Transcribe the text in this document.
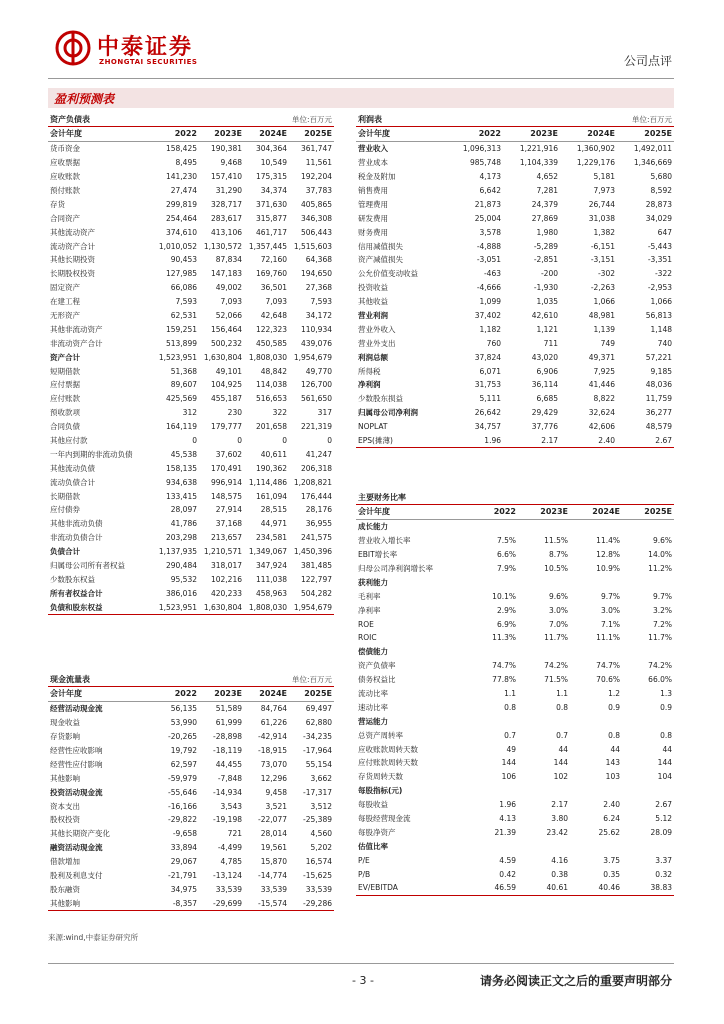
中泰证券
ZHONGTAI SECURITIES	公司点评
盈利预测表
资产负债表	单位:百万元
会计年度	2022	2023E	2024E	2025E
货币资金	158,425	190,381	304,364	361,747
应收票据	8,495	9,468	10,549	11,561
应收账款	141,230	157,410	175,315	192,204
预付账款	27,474	31,290	34,374	37,783
存货	299,819	328,717	371,630	405,865
合同资产	254,464	283,617	315,877	346,308
其他流动资产	374,610	413,106	461,717	506,443
流动资产合计	1,010,052	1,130,572	1,357,445	1,515,603
其他长期投资	90,453	87,834	72,160	64,368
长期股权投资	127,985	147,183	169,760	194,650
固定资产	66,086	49,002	36,501	27,368
在建工程	7,593	7,093	7,093	7,593
无形资产	62,531	52,066	42,648	34,172
其他非流动资产	159,251	156,464	122,323	110,934
非流动资产合计	513,899	500,232	450,585	439,076
资产合计	1,523,951	1,630,804	1,808,030	1,954,679
短期借款	51,368	49,101	48,842	49,770
应付票据	89,607	104,925	114,038	126,700
应付账款	425,569	455,187	516,653	561,650
预收款项	312	230	322	317
合同负债	164,119	179,777	201,658	221,319
其他应付款	0	0	0	0
一年内到期的非流动负债	45,538	37,602	40,611	41,247
其他流动负债	158,135	170,491	190,362	206,318
流动负债合计	934,638	996,914	1,114,486	1,208,821
长期借款	133,415	148,575	161,094	176,444
应付债券	28,097	27,914	28,515	28,176
其他非流动负债	41,786	37,168	44,971	36,955
非流动负债合计	203,298	213,657	234,581	241,575
负债合计	1,137,935	1,210,571	1,349,067	1,450,396
归属母公司所有者权益	290,484	318,017	347,924	381,485
少数股东权益	95,532	102,216	111,038	122,797
所有者权益合计	386,016	420,233	458,963	504,282
负债和股东权益	1,523,951	1,630,804	1,808,030	1,954,679
现金流量表	单位:百万元
会计年度	2022	2023E	2024E	2025E
经营活动现金流	56,135	51,589	84,764	69,497
现金收益	53,990	61,999	61,226	62,880
存货影响	-20,265	-28,898	-42,914	-34,235
经营性应收影响	19,792	-18,119	-18,915	-17,964
经营性应付影响	62,597	44,455	73,070	55,154
其他影响	-59,979	-7,848	12,296	3,662
投资活动现金流	-55,646	-14,934	9,458	-17,317
资本支出	-16,166	3,543	3,521	3,512
股权投资	-29,822	-19,198	-22,077	-25,389
其他长期资产变化	-9,658	721	28,014	4,560
融资活动现金流	33,894	-4,499	19,561	5,202
借款增加	29,067	4,785	15,870	16,574
股利及利息支付	-21,791	-13,124	-14,774	-15,625
股东融资	34,975	33,539	33,539	33,539
其他影响	-8,357	-29,699	-15,574	-29,286
利润表	单位:百万元
会计年度	2022	2023E	2024E	2025E
营业收入	1,096,313	1,221,916	1,360,902	1,492,011
营业成本	985,748	1,104,339	1,229,176	1,346,669
税金及附加	4,173	4,652	5,181	5,680
销售费用	6,642	7,281	7,973	8,592
管理费用	21,873	24,379	26,744	28,873
研发费用	25,004	27,869	31,038	34,029
财务费用	3,578	1,980	1,382	647
信用减值损失	-4,888	-5,289	-6,151	-5,443
资产减值损失	-3,051	-2,851	-3,151	-3,351
公允价值变动收益	-463	-200	-302	-322
投资收益	-4,666	-1,930	-2,263	-2,953
其他收益	1,099	1,035	1,066	1,066
营业利润	37,402	42,610	48,981	56,813
营业外收入	1,182	1,121	1,139	1,148
营业外支出	760	711	749	740
利润总额	37,824	43,020	49,371	57,221
所得税	6,071	6,906	7,925	9,185
净利润	31,753	36,114	41,446	48,036
少数股东损益	5,111	6,685	8,822	11,759
归属母公司净利润	26,642	29,429	32,624	36,277
NOPLAT	34,757	37,776	42,606	48,579
EPS(摊薄)	1.96	2.17	2.40	2.67
主要财务比率
会计年度	2022	2023E	2024E	2025E
成长能力				
营业收入增长率	7.5%	11.5%	11.4%	9.6%
EBIT增长率	6.6%	8.7%	12.8%	14.0%
归母公司净利润增长率	7.9%	10.5%	10.9%	11.2%
获利能力				
毛利率	10.1%	9.6%	9.7%	9.7%
净利率	2.9%	3.0%	3.0%	3.2%
ROE	6.9%	7.0%	7.1%	7.2%
ROIC	11.3%	11.7%	11.1%	11.7%
偿债能力				
资产负债率	74.7%	74.2%	74.7%	74.2%
债务权益比	77.8%	71.5%	70.6%	66.0%
流动比率	1.1	1.1	1.2	1.3
速动比率	0.8	0.8	0.9	0.9
营运能力				
总资产周转率	0.7	0.7	0.8	0.8
应收账款周转天数	49	44	44	44
应付账款周转天数	144	144	143	144
存货周转天数	106	102	103	104
每股指标(元)				
每股收益	1.96	2.17	2.40	2.67
每股经营现金流	4.13	3.80	6.24	5.12
每股净资产	21.39	23.42	25.62	28.09
估值比率				
P/E	4.59	4.16	3.75	3.37
P/B	0.42	0.38	0.35	0.32
EV/EBITDA	46.59	40.61	40.46	38.83
来源:wind,中泰证券研究所
- 3 -	请务必阅读正文之后的重要声明部分
